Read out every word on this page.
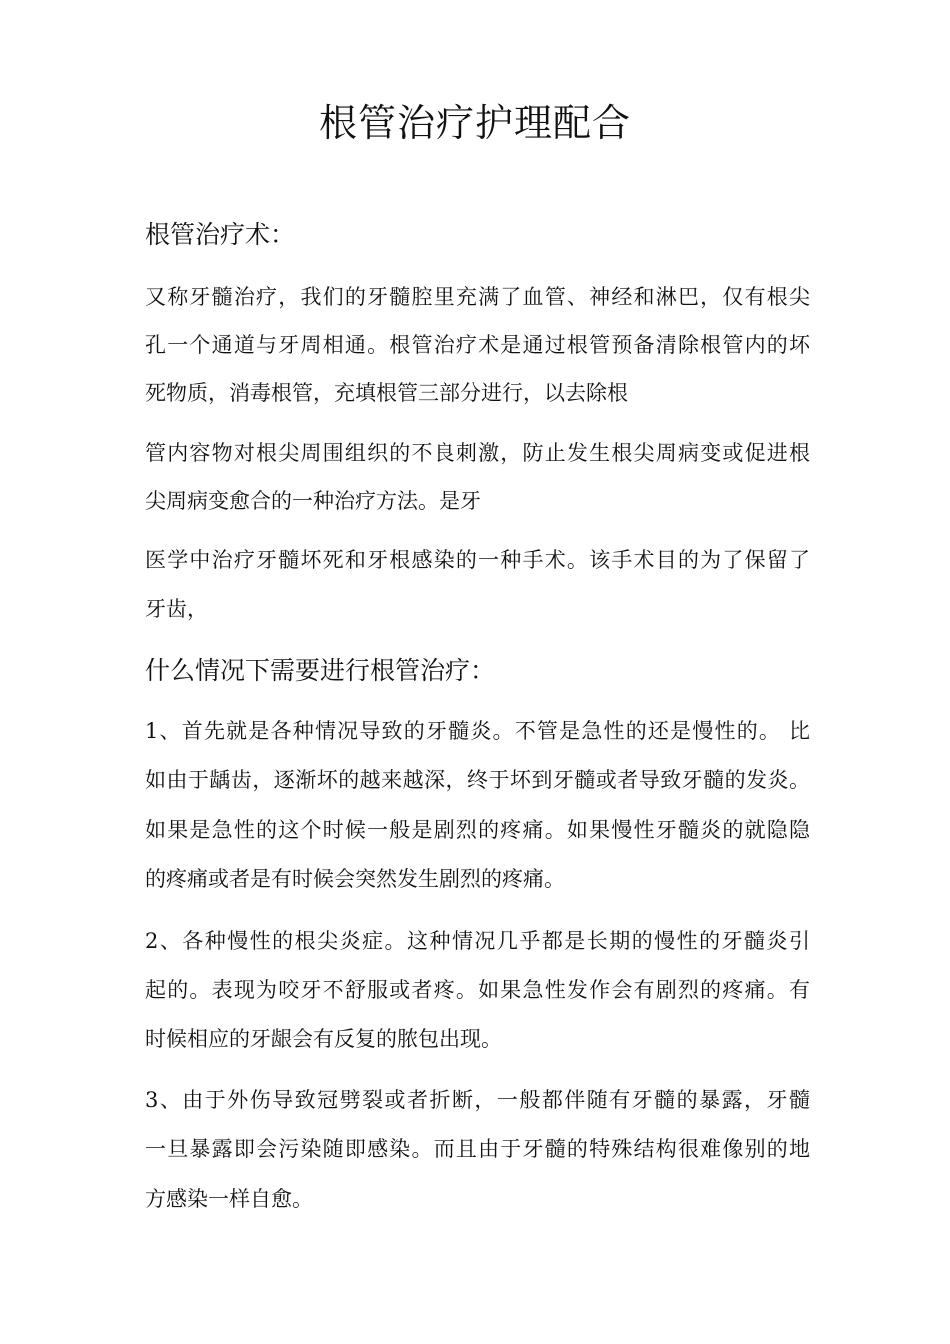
根管治疗护理配合
根管治疗术：
又称牙髓治疗，我们的牙髓腔里充满了血管、神经和淋巴，仅有根尖
孔一个通道与牙周相通。根管治疗术是通过根管预备清除根管内的坏
死物质，消毒根管，充填根管三部分进行，以去除根
管内容物对根尖周围组织的不良刺激，防止发生根尖周病变或促进根
尖周病变愈合的一种治疗方法。是牙
医学中治疗牙髓坏死和牙根感染的一种手术。该手术目的为了保留了
牙齿，
什么情况下需要进行根管治疗：
1、首先就是各种情况导致的牙髓炎。不管是急性的还是慢性的。 比
如由于龋齿，逐渐坏的越来越深，终于坏到牙髓或者导致牙髓的发炎。
如果是急性的这个时候一般是剧烈的疼痛。如果慢性牙髓炎的就隐隐
的疼痛或者是有时候会突然发生剧烈的疼痛。
2、各种慢性的根尖炎症。这种情况几乎都是长期的慢性的牙髓炎引
起的。表现为咬牙不舒服或者疼。如果急性发作会有剧烈的疼痛。有
时候相应的牙龈会有反复的脓包出现。
3、由于外伤导致冠劈裂或者折断，一般都伴随有牙髓的暴露，牙髓
一旦暴露即会污染随即感染。而且由于牙髓的特殊结构很难像别的地
方感染一样自愈。
